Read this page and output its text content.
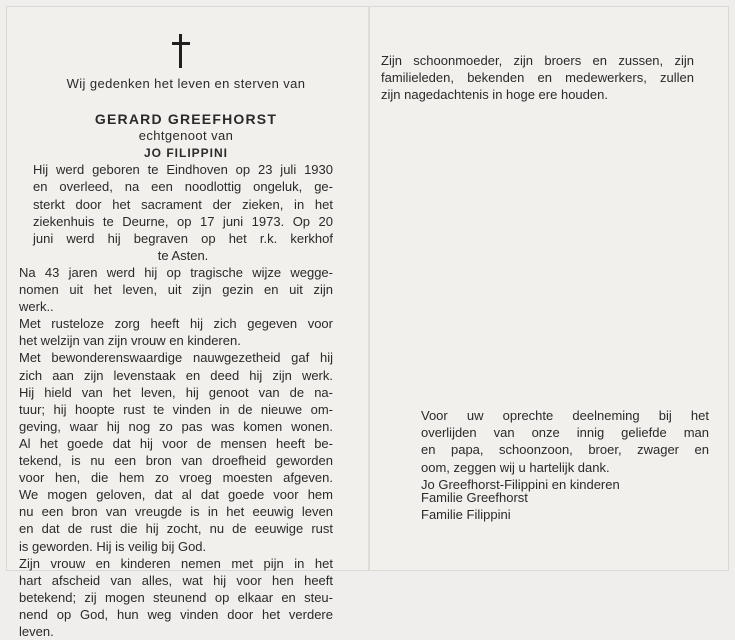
Wij gedenken het leven en sterven van
GERARD GREEFHORST
echtgenoot van
JO FILIPPINI
Hij werd geboren te Eindhoven op 23 juli 1930
en overleed, na een noodlottig ongeluk, ge-
sterkt door het sacrament der zieken, in het
ziekenhuis te Deurne, op 17 juni 1973. Op 20
juni werd hij begraven op het r.k. kerkhof
te Asten.
Na 43 jaren werd hij op tragische wijze wegge-
nomen uit het leven, uit zijn gezin en uit zijn
werk..
Met rusteloze zorg heeft hij zich gegeven voor
het welzijn van zijn vrouw en kinderen.
Met bewonderenswaardige nauwgezetheid gaf hij
zich aan zijn levenstaak en deed hij zijn werk.
Hij hield van het leven, hij genoot van de na-
tuur; hij hoopte rust te vinden in de nieuwe om-
geving, waar hij nog zo pas was komen wonen.
Al het goede dat hij voor de mensen heeft be-
tekend, is nu een bron van droefheid geworden
voor hen, die hem zo vroeg moesten afgeven.
We mogen geloven, dat al dat goede voor hem
nu een bron van vreugde is in het eeuwig leven
en dat de rust die hij zocht, nu de eeuwige rust
is geworden. Hij is veilig bij God.
Zijn vrouw en kinderen nemen met pijn in het
hart afscheid van alles, wat hij voor hen heeft
betekend; zij mogen steunend op elkaar en steu-
nend op God, hun weg vinden door het verdere
leven.
Zijn schoonmoeder, zijn broers en zussen, zijn
familieleden, bekenden en medewerkers, zullen
zijn nagedachtenis in hoge ere houden.
Voor uw oprechte deelneming bij het
overlijden van onze innig geliefde man
en papa, schoonzoon, broer, zwager en
oom, zeggen wij u hartelijk dank.
Jo Greefhorst-Filippini en kinderen
Familie Greefhorst
Familie Filippini
